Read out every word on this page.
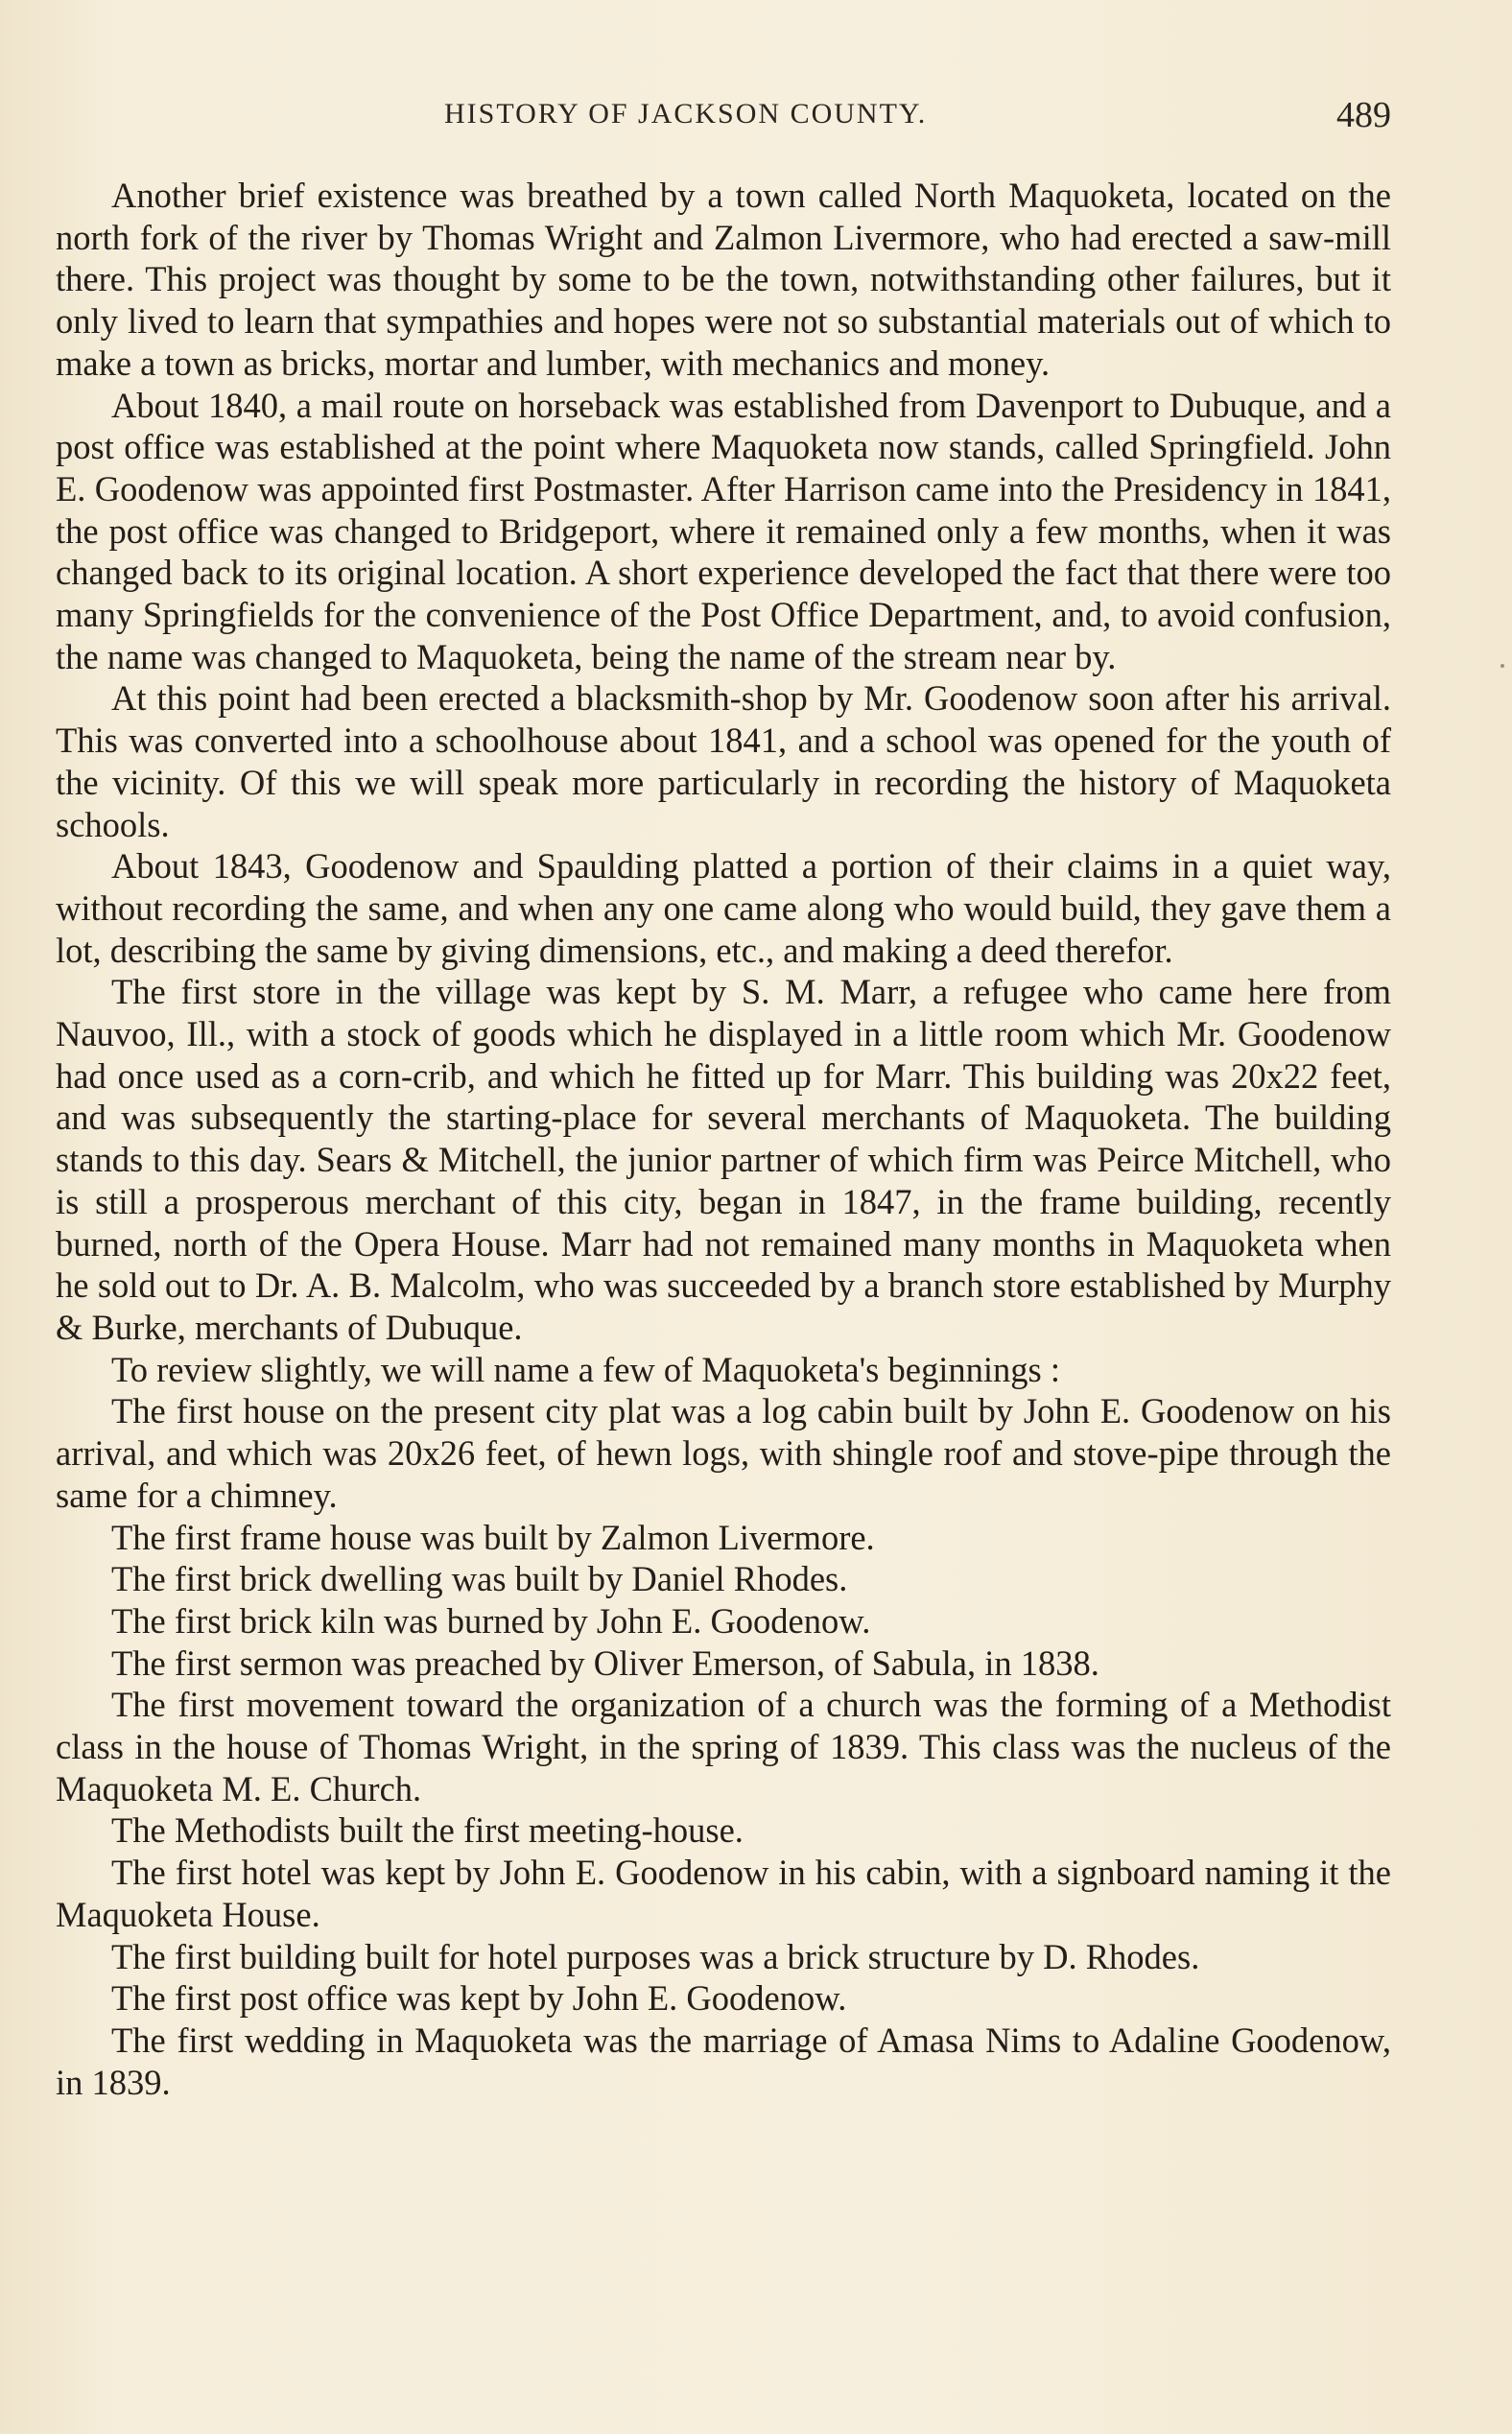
HISTORY OF JACKSON COUNTY.	489

Another brief existence was breathed by a town called North Maquoketa, located on the north fork of the river by Thomas Wright and Zalmon Livermore, who had erected a saw-mill there. This project was thought by some to be the town, notwithstanding other failures, but it only lived to learn that sympathies and hopes were not so substantial materials out of which to make a town as bricks, mortar and lumber, with mechanics and money.

About 1840, a mail route on horseback was established from Davenport to Dubuque, and a post office was established at the point where Maquoketa now stands, called Springfield. John E. Goodenow was appointed first Postmaster. After Harrison came into the Presidency in 1841, the post office was changed to Bridgeport, where it remained only a few months, when it was changed back to its original location. A short experience developed the fact that there were too many Springfields for the convenience of the Post Office Department, and, to avoid confusion, the name was changed to Maquoketa, being the name of the stream near by.

At this point had been erected a blacksmith-shop by Mr. Goodenow soon after his arrival. This was converted into a schoolhouse about 1841, and a school was opened for the youth of the vicinity. Of this we will speak more particularly in recording the history of Maquoketa schools.

About 1843, Goodenow and Spaulding platted a portion of their claims in a quiet way, without recording the same, and when any one came along who would build, they gave them a lot, describing the same by giving dimensions, etc., and making a deed therefor.

The first store in the village was kept by S. M. Marr, a refugee who came here from Nauvoo, Ill., with a stock of goods which he displayed in a little room which Mr. Goodenow had once used as a corn-crib, and which he fitted up for Marr. This building was 20x22 feet, and was subsequently the starting-place for several merchants of Maquoketa. The building stands to this day. Sears & Mitchell, the junior partner of which firm was Peirce Mitchell, who is still a prosperous merchant of this city, began in 1847, in the frame building, recently burned, north of the Opera House. Marr had not remained many months in Maquoketa when he sold out to Dr. A. B. Malcolm, who was succeeded by a branch store established by Murphy & Burke, merchants of Dubuque.

To review slightly, we will name a few of Maquoketa's beginnings :

The first house on the present city plat was a log cabin built by John E. Goodenow on his arrival, and which was 20x26 feet, of hewn logs, with shingle roof and stove-pipe through the same for a chimney.

The first frame house was built by Zalmon Livermore.

The first brick dwelling was built by Daniel Rhodes.

The first brick kiln was burned by John E. Goodenow.

The first sermon was preached by Oliver Emerson, of Sabula, in 1838.

The first movement toward the organization of a church was the forming of a Methodist class in the house of Thomas Wright, in the spring of 1839. This class was the nucleus of the Maquoketa M. E. Church.

The Methodists built the first meeting-house.

The first hotel was kept by John E. Goodenow in his cabin, with a signboard naming it the Maquoketa House.

The first building built for hotel purposes was a brick structure by D. Rhodes.

The first post office was kept by John E. Goodenow.

The first wedding in Maquoketa was the marriage of Amasa Nims to Adaline Goodenow, in 1839.
